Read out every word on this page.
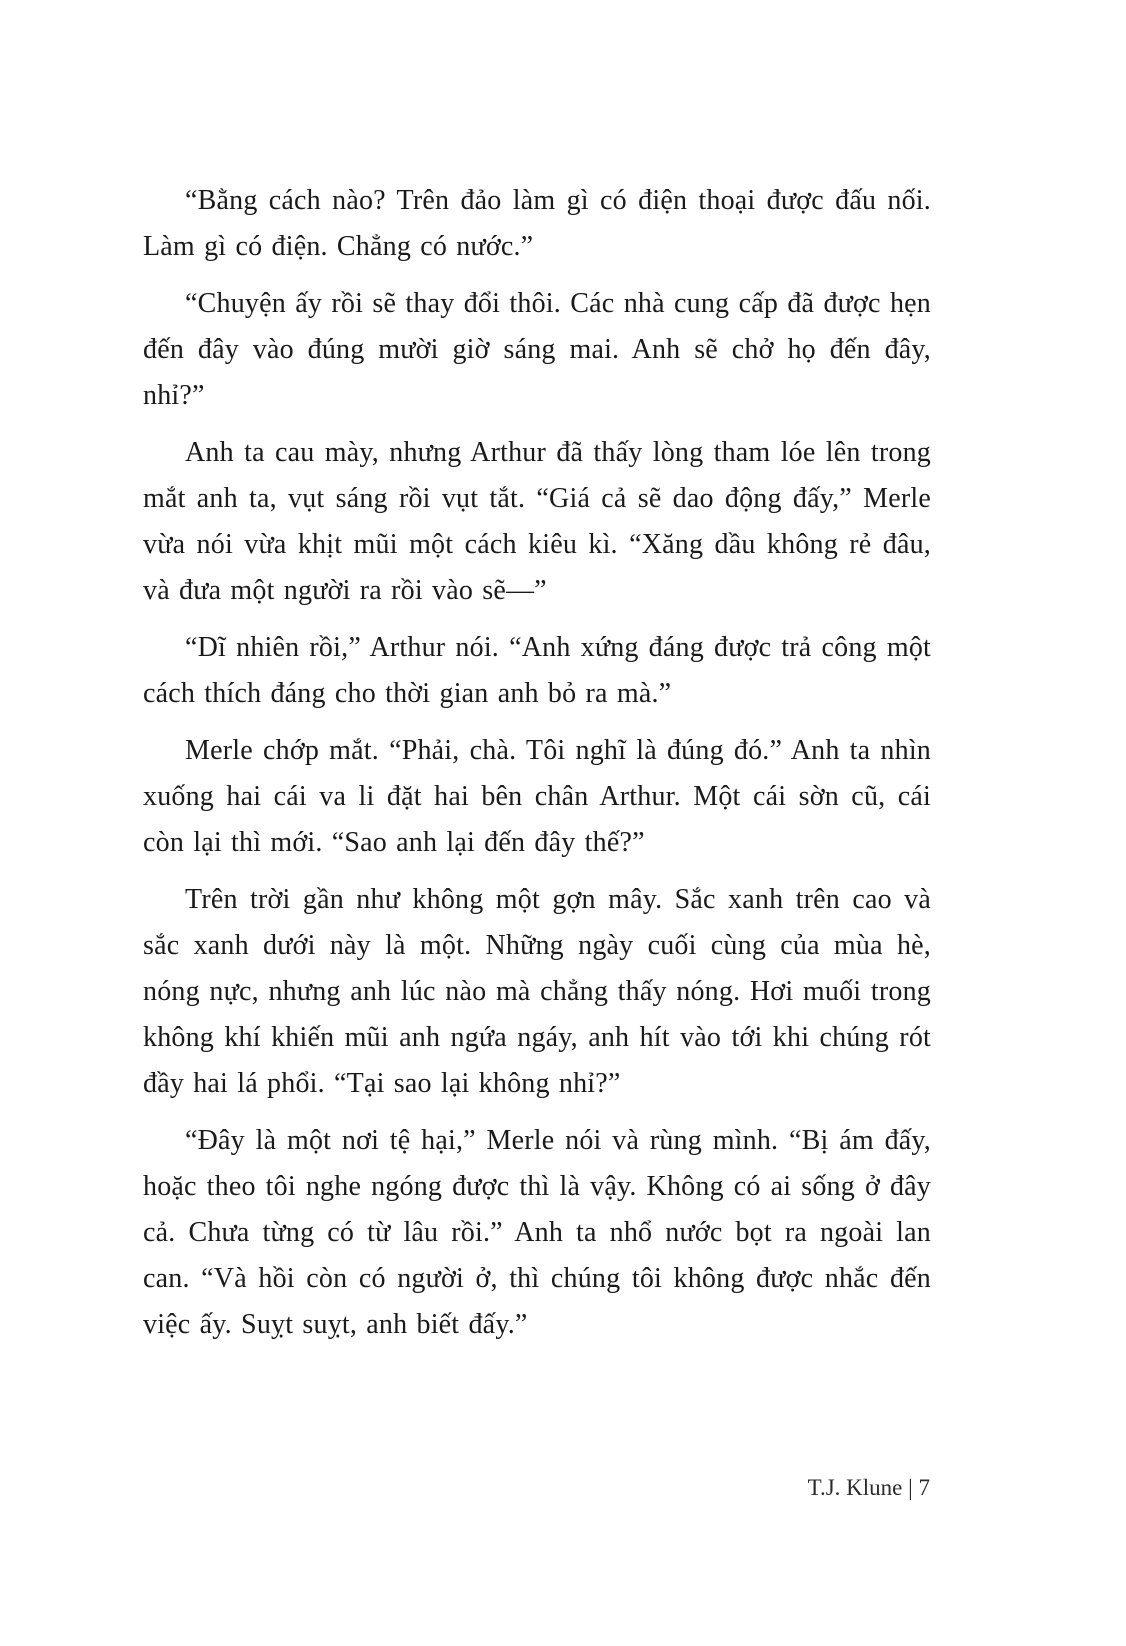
“Bằng cách nào? Trên đảo làm gì có điện thoại được đấu nối. Làm gì có điện. Chẳng có nước.”

“Chuyện ấy rồi sẽ thay đổi thôi. Các nhà cung cấp đã được hẹn đến đây vào đúng mười giờ sáng mai. Anh sẽ chở họ đến đây, nhỉ?”

Anh ta cau mày, nhưng Arthur đã thấy lòng tham lóe lên trong mắt anh ta, vụt sáng rồi vụt tắt. “Giá cả sẽ dao động đấy,” Merle vừa nói vừa khịt mũi một cách kiêu kì. “Xăng dầu không rẻ đâu, và đưa một người ra rồi vào sẽ—”

“Dĩ nhiên rồi,” Arthur nói. “Anh xứng đáng được trả công một cách thích đáng cho thời gian anh bỏ ra mà.”

Merle chớp mắt. “Phải, chà. Tôi nghĩ là đúng đó.” Anh ta nhìn xuống hai cái va li đặt hai bên chân Arthur. Một cái sờn cũ, cái còn lại thì mới. “Sao anh lại đến đây thế?”

Trên trời gần như không một gợn mây. Sắc xanh trên cao và sắc xanh dưới này là một. Những ngày cuối cùng của mùa hè, nóng nực, nhưng anh lúc nào mà chẳng thấy nóng. Hơi muối trong không khí khiến mũi anh ngứa ngáy, anh hít vào tới khi chúng rót đầy hai lá phổi. “Tại sao lại không nhỉ?”

“Đây là một nơi tệ hại,” Merle nói và rùng mình. “Bị ám đấy, hoặc theo tôi nghe ngóng được thì là vậy. Không có ai sống ở đây cả. Chưa từng có từ lâu rồi.” Anh ta nhổ nước bọt ra ngoài lan can. “Và hồi còn có người ở, thì chúng tôi không được nhắc đến việc ấy. Suỵt suỵt, anh biết đấy.”

T.J. Klune | 7
